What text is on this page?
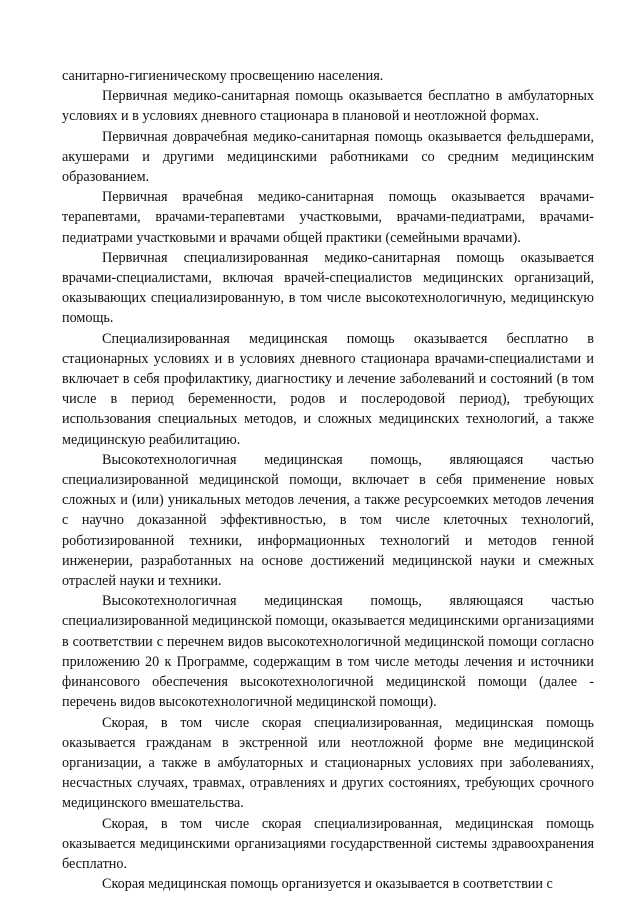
санитарно-гигиеническому просвещению населения.

Первичная медико-санитарная помощь оказывается бесплатно в амбулаторных условиях и в условиях дневного стационара в плановой и неотложной формах.

Первичная доврачебная медико-санитарная помощь оказывается фельдшерами, акушерами и другими медицинскими работниками со средним медицинским образованием.

Первичная врачебная медико-санитарная помощь оказывается врачами-терапевтами, врачами-терапевтами участковыми, врачами-педиатрами, врачами-педиатрами участковыми и врачами общей практики (семейными врачами).

Первичная специализированная медико-санитарная помощь оказывается врачами-специалистами, включая врачей-специалистов медицинских организаций, оказывающих специализированную, в том числе высокотехнологичную, медицинскую помощь.

Специализированная медицинская помощь оказывается бесплатно в стационарных условиях и в условиях дневного стационара врачами-специалистами и включает в себя профилактику, диагностику и лечение заболеваний и состояний (в том числе в период беременности, родов и послеродовой период), требующих использования специальных методов, и сложных медицинских технологий, а также медицинскую реабилитацию.

Высокотехнологичная медицинская помощь, являющаяся частью специализированной медицинской помощи, включает в себя применение новых сложных и (или) уникальных методов лечения, а также ресурсоемких методов лечения с научно доказанной эффективностью, в том числе клеточных технологий, роботизированной техники, информационных технологий и методов генной инженерии, разработанных на основе достижений медицинской науки и смежных отраслей науки и техники.

Высокотехнологичная медицинская помощь, являющаяся частью специализированной медицинской помощи, оказывается медицинскими организациями в соответствии с перечнем видов высокотехнологичной медицинской помощи согласно приложению 20 к Программе, содержащим в том числе методы лечения и источники финансового обеспечения высокотехнологичной медицинской помощи (далее - перечень видов высокотехнологичной медицинской помощи).

Скорая, в том числе скорая специализированная, медицинская помощь оказывается гражданам в экстренной или неотложной форме вне медицинской организации, а также в амбулаторных и стационарных условиях при заболеваниях, несчастных случаях, травмах, отравлениях и других состояниях, требующих срочного медицинского вмешательства.

Скорая, в том числе скорая специализированная, медицинская помощь оказывается медицинскими организациями государственной системы здравоохранения бесплатно.

Скорая медицинская помощь организуется и оказывается в соответствии с
